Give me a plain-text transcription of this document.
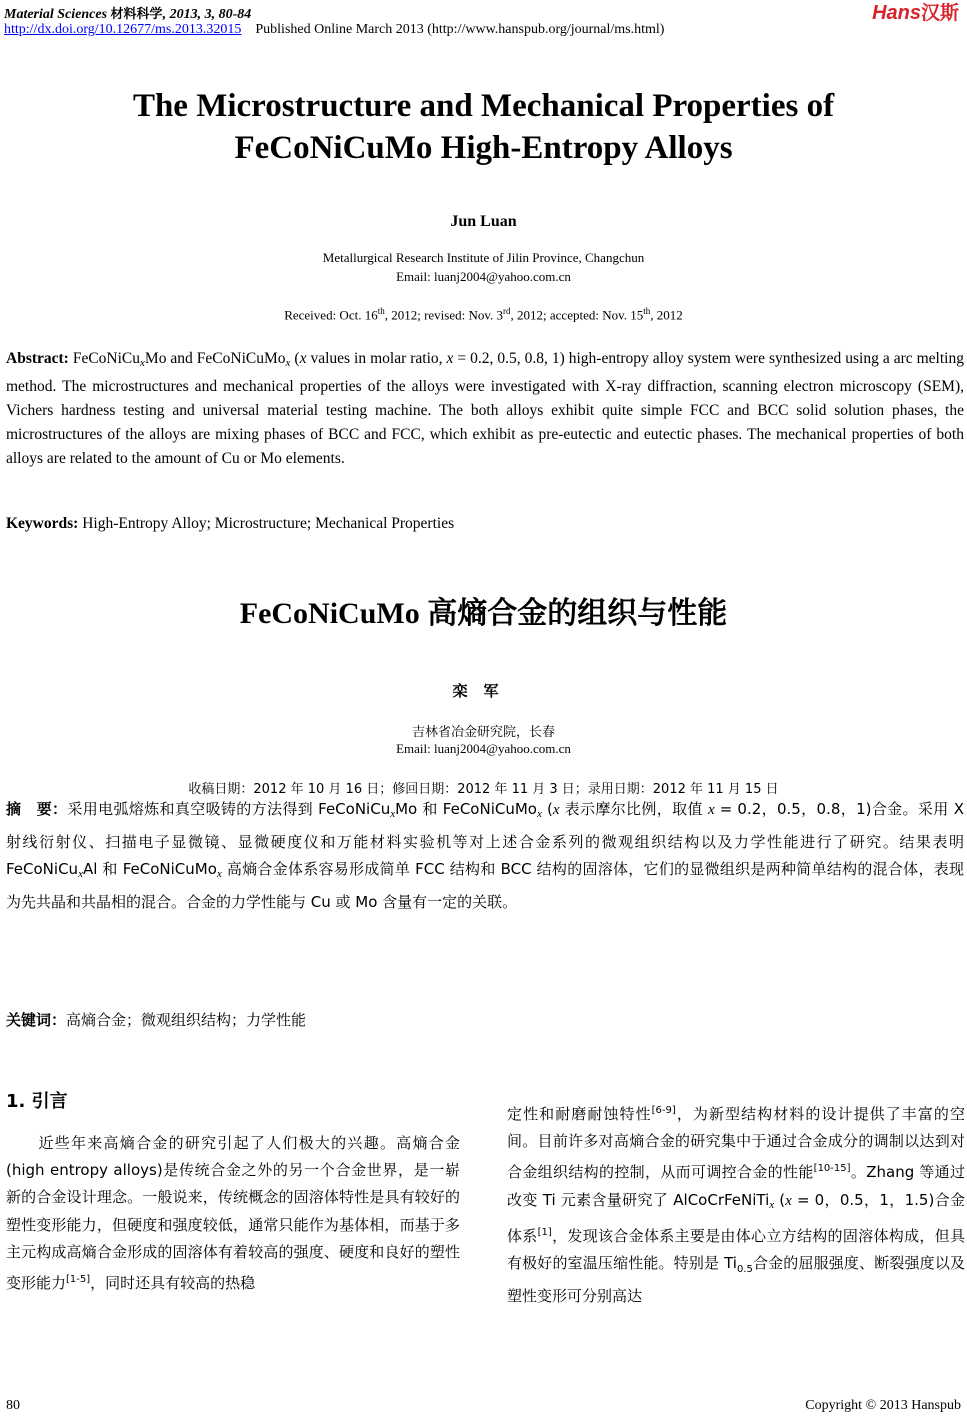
Material Sciences 材料科学, 2013, 3, 80-84
http://dx.doi.org/10.12677/ms.2013.32015 Published Online March 2013 (http://www.hanspub.org/journal/ms.html)
Hans汉斯
The Microstructure and Mechanical Properties of
FeCoNiCuMo High-Entropy Alloys
Jun Luan
Metallurgical Research Institute of Jilin Province, Changchun
Email: luanj2004@yahoo.com.cn
Received: Oct. 16th, 2012; revised: Nov. 3rd, 2012; accepted: Nov. 15th, 2012
Abstract: FeCoNiCuxMo and FeCoNiCuMox (x values in molar ratio, x = 0.2, 0.5, 0.8, 1) high-entropy alloy system were synthesized using a arc melting method. The microstructures and mechanical properties of the alloys were investigated with X-ray diffraction, scanning electron microscopy (SEM), Vichers hardness testing and universal material testing machine. The both alloys exhibit quite simple FCC and BCC solid solution phases, the microstructures of the alloys are mixing phases of BCC and FCC, which exhibit as pre-eutectic and eutectic phases. The mechanical properties of both alloys are related to the amount of Cu or Mo elements.
Keywords: High-Entropy Alloy; Microstructure; Mechanical Properties
FeCoNiCuMo 高熵合金的组织与性能
栾军
吉林省冶金研究院，长春
Email: luanj2004@yahoo.com.cn
收稿日期：2012 年 10 月 16 日；修回日期：2012 年 11 月 3 日；录用日期：2012 年 11 月 15 日
摘　要：采用电弧熔炼和真空吸铸的方法得到 FeCoNiCu$_x$Mo 和 FeCoNiCuMo$_x$ (x 表示摩尔比例，取值 x = 0.2，0.5，0.8，1)合金。采用 X 射线衍射仪、扫描电子显微镜、显微硬度仪和万能材料实验机等对上述合金系列的微观组织结构以及力学性能进行了研究。结果表明 FeCoNiCu$_x$Al 和 FeCoNiCuMo$_x$ 高熵合金体系容易形成简单 FCC 结构和 BCC 结构的固溶体，它们的显微组织是两种简单结构的混合体，表现为先共晶和共晶相的混合。合金的力学性能与 Cu 或 Mo 含量有一定的关联。
关键词：高熵合金；微观组织结构；力学性能
1. 引言
　　近些年来高熵合金的研究引起了人们极大的兴趣。高熵合金(high entropy alloys)是传统合金之外的另一个合金世界，是一崭新的合金设计理念。一般说来，传统概念的固溶体特性是具有较好的塑性变形能力，但硬度和强度较低，通常只能作为基体相，而基于多主元构成高熵合金形成的固溶体有着较高的强度、硬度和良好的塑性变形能力[1-5]，同时还具有较高的热稳
定性和耐磨耐蚀特性[6-9]，为新型结构材料的设计提供了丰富的空间。目前许多对高熵合金的研究集中于通过合金成分的调制以达到对合金组织结构的控制，从而可调控合金的性能[10-15]。Zhang 等通过改变 Ti 元素含量研究了 AlCoCrFeNiTi$_x$ (x = 0，0.5，1，1.5)合金体系[1]，发现该合金体系主要是由体心立方结构的固溶体构成，但具有极好的室温压缩性能。特别是 $Ti_{0.5}$合金的屈服强度、断裂强度以及塑性变形可分别高达
80	Copyright © 2013 Hanspub
